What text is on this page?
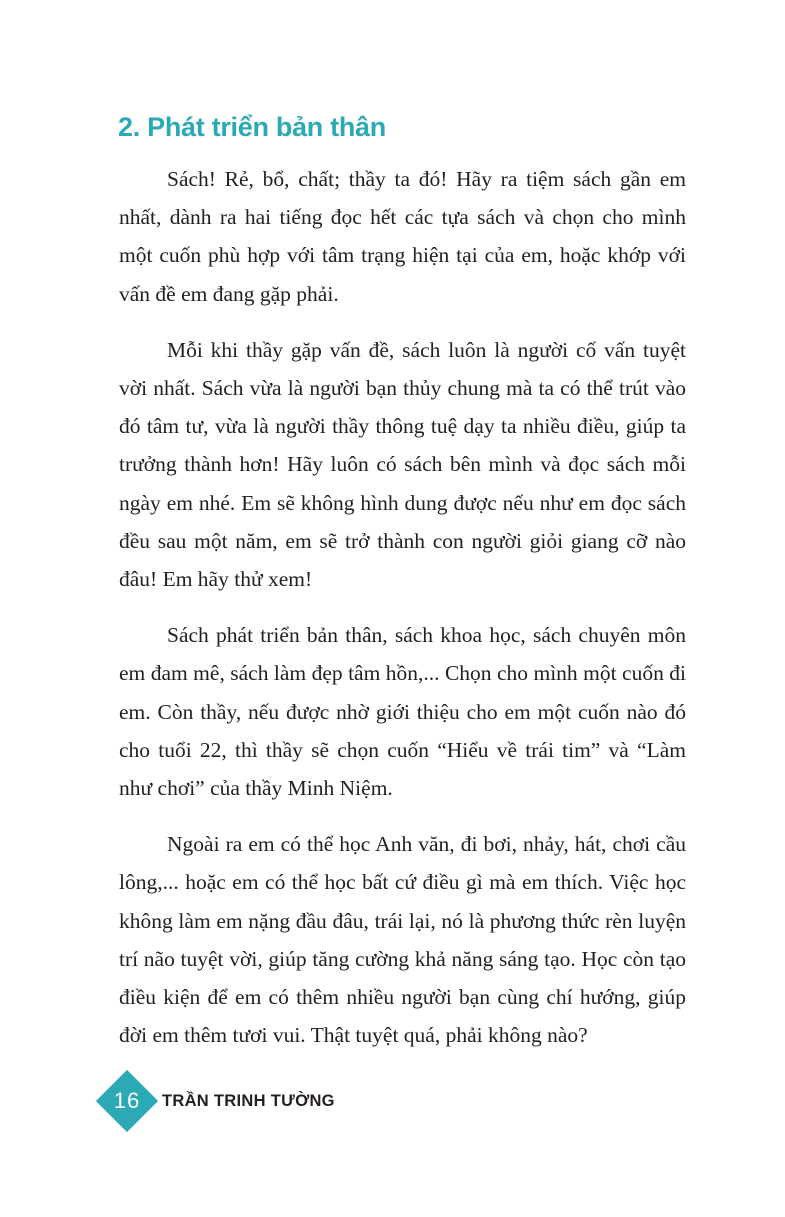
2. Phát triển bản thân

Sách! Rẻ, bổ, chất; thầy ta đó! Hãy ra tiệm sách gần em nhất, dành ra hai tiếng đọc hết các tựa sách và chọn cho mình một cuốn phù hợp với tâm trạng hiện tại của em, hoặc khớp với vấn đề em đang gặp phải.

Mỗi khi thầy gặp vấn đề, sách luôn là người cố vấn tuyệt vời nhất. Sách vừa là người bạn thủy chung mà ta có thể trút vào đó tâm tư, vừa là người thầy thông tuệ dạy ta nhiều điều, giúp ta trưởng thành hơn! Hãy luôn có sách bên mình và đọc sách mỗi ngày em nhé. Em sẽ không hình dung được nếu như em đọc sách đều sau một năm, em sẽ trở thành con người giỏi giang cỡ nào đâu! Em hãy thử xem!

Sách phát triển bản thân, sách khoa học, sách chuyên môn em đam mê, sách làm đẹp tâm hồn,... Chọn cho mình một cuốn đi em. Còn thầy, nếu được nhờ giới thiệu cho em một cuốn nào đó cho tuổi 22, thì thầy sẽ chọn cuốn “Hiểu về trái tim” và “Làm như chơi” của thầy Minh Niệm.

Ngoài ra em có thể học Anh văn, đi bơi, nhảy, hát, chơi cầu lông,... hoặc em có thể học bất cứ điều gì mà em thích. Việc học không làm em nặng đầu đâu, trái lại, nó là phương thức rèn luyện trí não tuyệt vời, giúp tăng cường khả năng sáng tạo. Học còn tạo điều kiện để em có thêm nhiều người bạn cùng chí hướng, giúp đời em thêm tươi vui. Thật tuyệt quá, phải không nào?

16	TRẦN TRINH TƯỜNG
